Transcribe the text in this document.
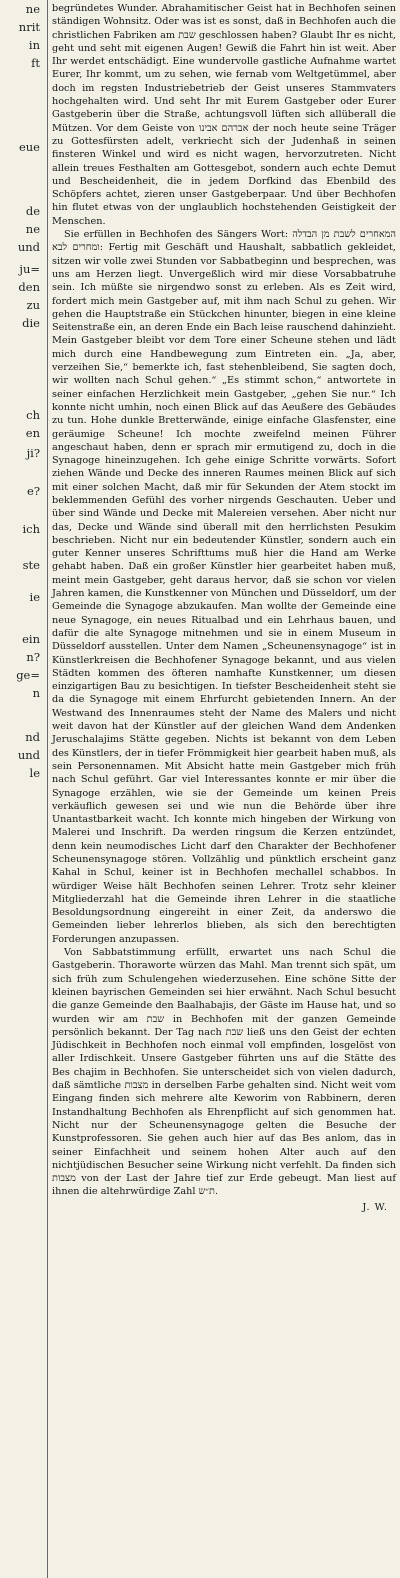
ne
nrit
in
ft
eue
de
ne
und
ju=
den
zu
die
ch
en
ji?
e?
ich
ste
ie
ein
n?
ge=
n
nd
und
le

begründetes Wunder. Abrahamitischer Geist hat in Bechhofen seinen ständigen Wohnsitz. Oder was ist es sonst, daß in Bechhofen auch die christlichen Fabriken am שבת geschlossen haben? Glaubt Ihr es nicht, geht und seht mit eigenen Augen! Gewiß die Fahrt hin ist weit. Aber Ihr werdet entschädigt. Eine wundervolle gastliche Aufnahme wartet Eurer, Ihr kommt, um zu sehen, wie fernab vom Weltgetümmel, aber doch im regsten Industriebetrieb der Geist unseres Stammvaters hochgehalten wird. Und seht Ihr mit Eurem Gastgeber oder Eurer Gastgeberin über die Straße, achtungsvoll lüften sich allüberall die Mützen. Vor dem Geiste von אברהם אבינו der noch heute seine Träger zu Gottesfürsten adelt, verkriecht sich der Judenhaß in seinen finsteren Winkel und wird es nicht wagen, hervorzutreten. Nicht allein treues Festhalten am Gottesgebot, sondern auch echte Demut und Bescheidenheit, die in jedem Dorfkind das Ebenbild des Schöpfers achtet, zieren unser Gastgeberpaar. Und über Bechhofen hin flutet etwas von der unglaublich hochstehenden Geistigkeit der Menschen.

Sie erfüllen in Bechhofen des Sängers Wort: המאחרים לשבת מן הבדלה ומחרים לבא: Fertig mit Geschäft und Haushalt, sabbatlich gekleidet, sitzen wir volle zwei Stunden vor Sabbatbeginn und besprechen, was uns am Herzen liegt. Unvergeßlich wird mir diese Vorsabbatruhe sein. Ich müßte sie nirgendwo sonst zu erleben. Als es Zeit wird, fordert mich mein Gastgeber auf, mit ihm nach Schul zu gehen. Wir gehen die Hauptstraße ein Stückchen hinunter, biegen in eine kleine Seitenstraße ein, an deren Ende ein Bach leise rauschend dahinzieht. Mein Gastgeber bleibt vor dem Tore einer Scheune stehen und lädt mich durch eine Handbewegung zum Eintreten ein. „Ja, aber, verzeihen Sie,“ bemerkte ich, fast stehenbleibend, Sie sagten doch, wir wollten nach Schul gehen.“ „Es stimmt schon,“ antwortete in seiner einfachen Herzlichkeit mein Gastgeber, „gehen Sie nur.“ Ich konnte nicht umhin, noch einen Blick auf das Aeußere des Gebäudes zu tun. Hohe dunkle Bretterwände, einige einfache Glasfenster, eine geräumige Scheune! Ich mochte zweifelnd meinen Führer angeschaut haben, denn er sprach mir ermutigend zu, doch in die Synagoge hineinzugehen. Ich gehe einige Schritte vorwärts. Sofort ziehen Wände und Decke des inneren Raumes meinen Blick auf sich mit einer solchen Macht, daß mir für Sekunden der Atem stockt im beklemmenden Gefühl des vorher nirgends Geschauten. Ueber und über sind Wände und Decke mit Malereien versehen. Aber nicht nur das, Decke und Wände sind überall mit den herrlichsten Pesukim beschrieben. Nicht nur ein bedeutender Künstler, sondern auch ein guter Kenner unseres Schrifttums muß hier die Hand am Werke gehabt haben. Daß ein großer Künstler hier gearbeitet haben muß, meint mein Gastgeber, geht daraus hervor, daß sie schon vor vielen Jahren kamen, die Kunstkenner von München und Düsseldorf, um der Gemeinde die Synagoge abzukaufen. Man wollte der Gemeinde eine neue Synagoge, ein neues Ritualbad und ein Lehrhaus bauen, und dafür die alte Synagoge mitnehmen und sie in einem Museum in Düsseldorf ausstellen. Unter dem Namen „Scheunensynagoge“ ist in Künstlerkreisen die Bechhofener Synagoge bekannt, und aus vielen Städten kommen des öfteren namhafte Kunstkenner, um diesen einzigartigen Bau zu besichtigen. In tiefster Bescheidenheit steht sie da die Synagoge mit einem Ehrfurcht gebietenden Innern. An der Westwand des Innenraumes steht der Name des Malers und nicht weit davon hat der Künstler auf der gleichen Wand dem Andenken Jeruschalajims Stätte gegeben. Nichts ist bekannt von dem Leben des Künstlers, der in tiefer Frömmigkeit hier gearbeit haben muß, als sein Personennamen. Mit Absicht hatte mein Gastgeber mich früh nach Schul geführt. Gar viel Interessantes konnte er mir über die Synagoge erzählen, wie sie der Gemeinde um keinen Preis verkäuflich gewesen sei und wie nun die Behörde über ihre Unantastbarkeit wacht. Ich konnte mich hingeben der Wirkung von Malerei und Inschrift. Da werden ringsum die Kerzen entzündet, denn kein neumodisches Licht darf den Charakter der Bechhofener Scheunensynagoge stören. Vollzählig und pünktlich erscheint ganz Kahal in Schul, keiner ist in Bechhofen mechallel schabbos. In würdiger Weise hält Bechhofen seinen Lehrer. Trotz sehr kleiner Mitgliederzahl hat die Gemeinde ihren Lehrer in die staatliche Besoldungsordnung eingereiht in einer Zeit, da anderswo die Gemeinden lieber lehrerlos blieben, als sich den berechtigten Forderungen anzupassen.

Von Sabbatstimmung erfüllt, erwartet uns nach Schul die Gastgeberin. Thoraworte würzen das Mahl. Man trennt sich spät, um sich früh zum Schulengehen wiederzusehen. Eine schöne Sitte der kleinen bayrischen Gemeinden sei hier erwähnt. Nach Schul besucht die ganze Gemeinde den Baalhabajis, der Gäste im Hause hat, und so wurden wir am שבת in Bechhofen mit der ganzen Gemeinde persönlich bekannt. Der Tag nach שבת ließ uns den Geist der echten Jüdischkeit in Bechhofen noch einmal voll empfinden, losgelöst von aller Irdischkeit. Unsere Gastgeber führten uns auf die Stätte des Bes chajim in Bechhofen. Sie unterscheidet sich von vielen dadurch, daß sämtliche מצבות in derselben Farbe gehalten sind. Nicht weit vom Eingang finden sich mehrere alte Keworim von Rabbinern, deren Instandhaltung Bechhofen als Ehrenpflicht auf sich genommen hat. Nicht nur der Scheunensynagoge gelten die Besuche der Kunstprofessoren. Sie gehen auch hier auf das Bes anlom, das in seiner Einfachheit und seinem hohen Alter auch auf den nichtjüdischen Besucher seine Wirkung nicht verfehlt. Da finden sich מצבות von der Last der Jahre tief zur Erde gebeugt. Man liest auf ihnen die altehrwürdige Zahl ת״ש.

J. W.
